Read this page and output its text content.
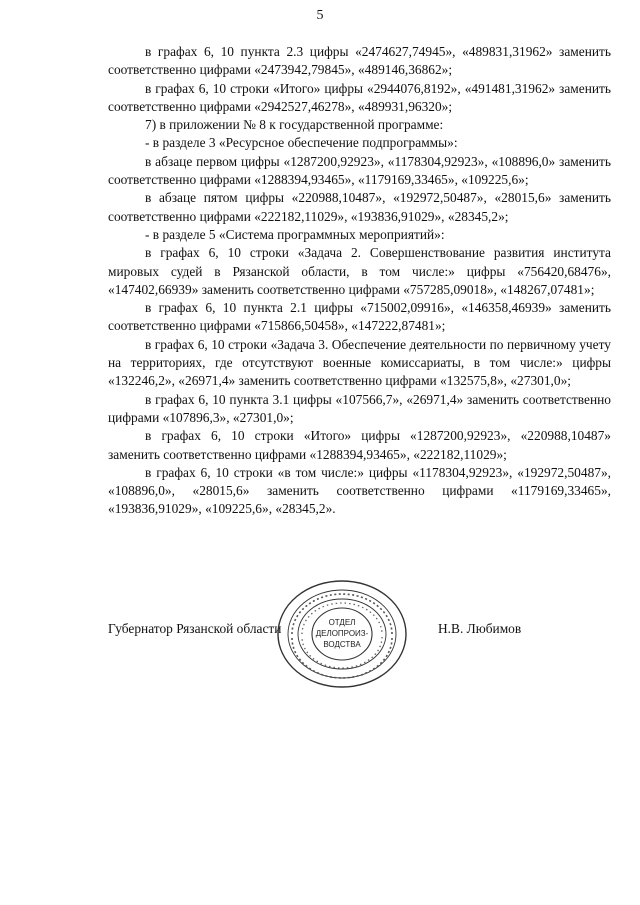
5

в графах 6, 10 пункта 2.3 цифры «2474627,74945», «489831,31962» заменить соответственно цифрами «2473942,79845», «489146,36862»;

в графах 6, 10 строки «Итого» цифры «2944076,8192», «491481,31962» заменить соответственно цифрами «2942527,46278», «489931,96320»;

7) в приложении № 8 к государственной программе:

- в разделе 3 «Ресурсное обеспечение подпрограммы»:

в абзаце первом цифры «1287200,92923», «1178304,92923», «108896,0» заменить соответственно цифрами «1288394,93465», «1179169,33465», «109225,6»;

в абзаце пятом цифры «220988,10487», «192972,50487», «28015,6» заменить соответственно цифрами «222182,11029», «193836,91029», «28345,2»;

- в разделе 5 «Система программных мероприятий»:

в графах 6, 10 строки «Задача 2. Совершенствование развития института мировых судей в Рязанской области, в том числе:» цифры «756420,68476», «147402,66939» заменить соответственно цифрами «757285,09018», «148267,07481»;

в графах 6, 10 пункта 2.1 цифры «715002,09916», «146358,46939» заменить соответственно цифрами «715866,50458», «147222,87481»;

в графах 6, 10 строки «Задача 3. Обеспечение деятельности по первичному учету на территориях, где отсутствуют военные комиссариаты, в том числе:» цифры «132246,2», «26971,4» заменить соответственно цифрами «132575,8», «27301,0»;

в графах 6, 10 пункта 3.1 цифры «107566,7», «26971,4» заменить соответственно цифрами «107896,3», «27301,0»;

в графах 6, 10 строки «Итого» цифры «1287200,92923», «220988,10487» заменить соответственно цифрами «1288394,93465», «222182,11029»;

в графах 6, 10 строки «в том числе:» цифры «1178304,92923», «192972,50487», «108896,0», «28015,6» заменить соответственно цифрами «1179169,33465», «193836,91029», «109225,6», «28345,2».

Губернатор Рязанской области	Н.В. Любимов
ОТДЕЛ
ДЕЛОПРОИЗ-
ВОДСТВА
